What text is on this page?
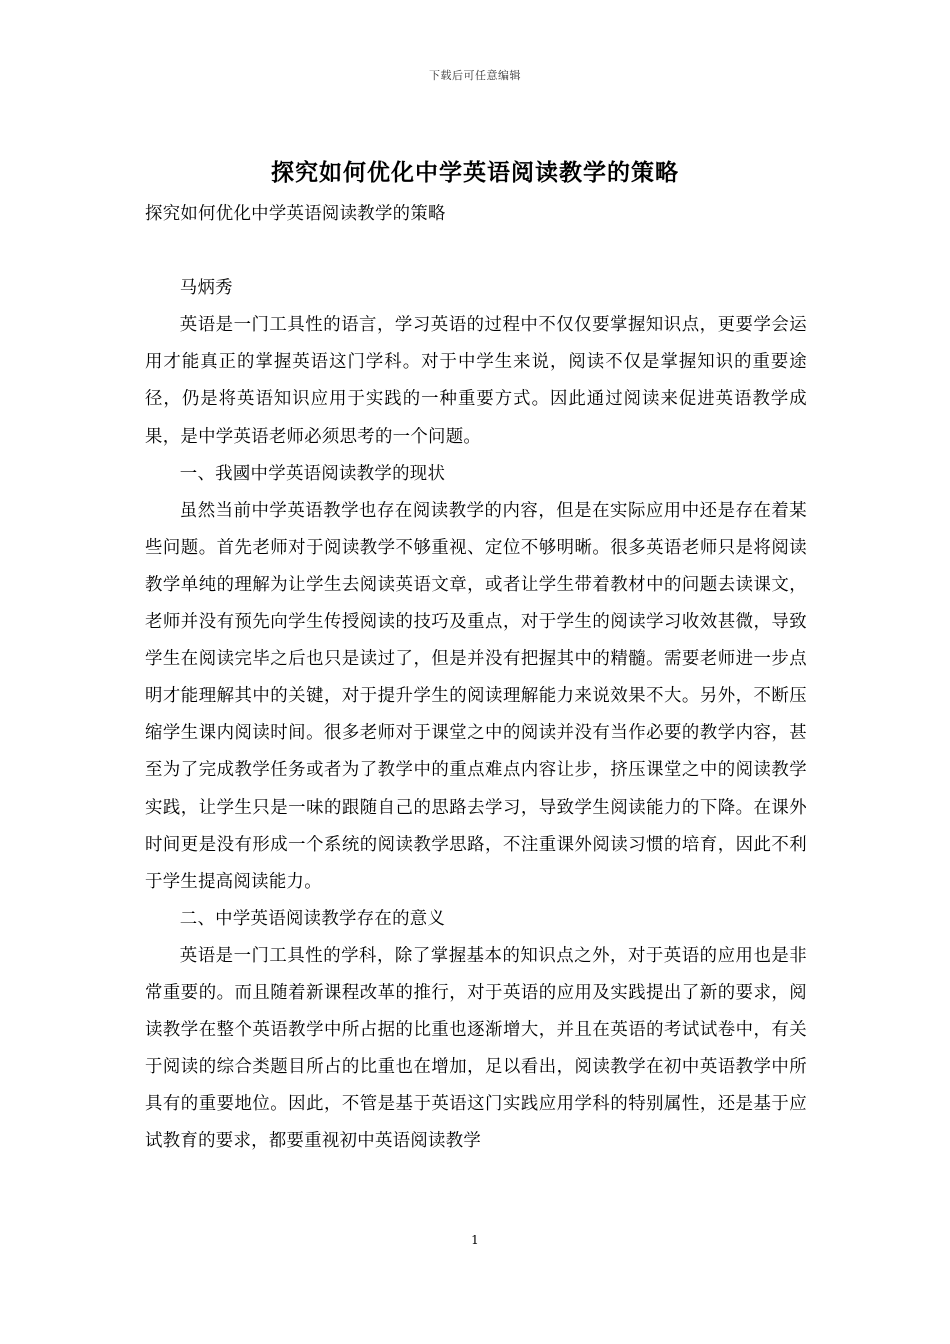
下载后可任意编辑
探究如何优化中学英语阅读教学的策略

探究如何优化中学英语阅读教学的策略

马炳秀

英语是一门工具性的语言，学习英语的过程中不仅仅要掌握知识点，更要学会运用才能真正的掌握英语这门学科。对于中学生来说，阅读不仅是掌握知识的重要途径，仍是将英语知识应用于实践的一种重要方式。因此通过阅读来促进英语教学成果，是中学英语老师必须思考的一个问题。

一、我國中学英语阅读教学的现状

虽然当前中学英语教学也存在阅读教学的内容，但是在实际应用中还是存在着某些问题。首先老师对于阅读教学不够重视、定位不够明晰。很多英语老师只是将阅读教学单纯的理解为让学生去阅读英语文章，或者让学生带着教材中的问题去读课文，老师并没有预先向学生传授阅读的技巧及重点，对于学生的阅读学习收效甚微，导致学生在阅读完毕之后也只是读过了，但是并没有把握其中的精髓。需要老师进一步点明才能理解其中的关键，对于提升学生的阅读理解能力来说效果不大。另外，不断压缩学生课内阅读时间。很多老师对于课堂之中的阅读并没有当作必要的教学内容，甚至为了完成教学任务或者为了教学中的重点难点内容让步，挤压课堂之中的阅读教学实践，让学生只是一味的跟随自己的思路去学习，导致学生阅读能力的下降。在课外时间更是没有形成一个系统的阅读教学思路，不注重课外阅读习惯的培育，因此不利于学生提高阅读能力。

二、中学英语阅读教学存在的意义

英语是一门工具性的学科，除了掌握基本的知识点之外，对于英语的应用也是非常重要的。而且随着新课程改革的推行，对于英语的应用及实践提出了新的要求，阅读教学在整个英语教学中所占据的比重也逐渐增大，并且在英语的考试试卷中，有关于阅读的综合类题目所占的比重也在增加，足以看出，阅读教学在初中英语教学中所具有的重要地位。因此，不管是基于英语这门实践应用学科的特别属性，还是基于应试教育的要求，都要重视初中英语阅读教学

1
